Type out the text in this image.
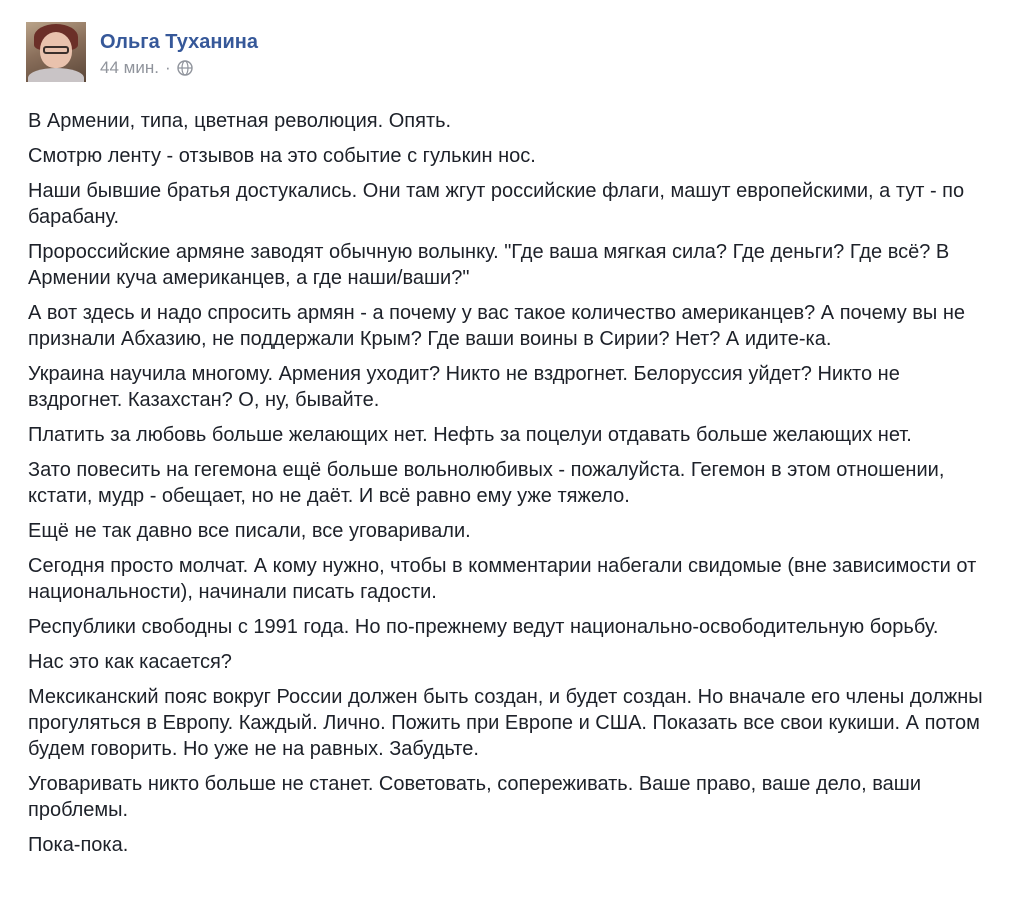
Ольга Туханина
44 мин. ·

В Армении, типа, цветная революция. Опять.

Смотрю ленту - отзывов на это событие с гулькин нос.

Наши бывшие братья достукались. Они там жгут российские флаги, машут европейскими, а тут - по барабану.

Пророссийские армяне заводят обычную волынку. "Где ваша мягкая сила? Где деньги? Где всё? В Армении куча американцев, а где наши/ваши?"

А вот здесь и надо спросить армян - а почему у вас такое количество американцев? А почему вы не признали Абхазию, не поддержали Крым? Где ваши воины в Сирии? Нет? А идите-ка.

Украина научила многому. Армения уходит? Никто не вздрогнет. Белоруссия уйдет? Никто не вздрогнет. Казахстан? О, ну, бывайте.

Платить за любовь больше желающих нет. Нефть за поцелуи отдавать больше желающих нет.

Зато повесить на гегемона ещё больше вольнолюбивых - пожалуйста. Гегемон в этом отношении, кстати, мудр - обещает, но не даёт. И всё равно ему уже тяжело.

Ещё не так давно все писали, все уговаривали.

Сегодня просто молчат. А кому нужно, чтобы в комментарии набегали свидомые (вне зависимости от национальности), начинали писать гадости.

Республики свободны с 1991 года. Но по-прежнему ведут национально-освободительную борьбу.

Нас это как касается?

Мексиканский пояс вокруг России должен быть создан, и будет создан. Но вначале его члены должны прогуляться в Европу. Каждый. Лично. Пожить при Европе и США. Показать все свои кукиши. А потом будем говорить. Но уже не на равных. Забудьте.

Уговаривать никто больше не станет. Советовать, сопереживать. Ваше право, ваше дело, ваши проблемы.

Пока-пока.
